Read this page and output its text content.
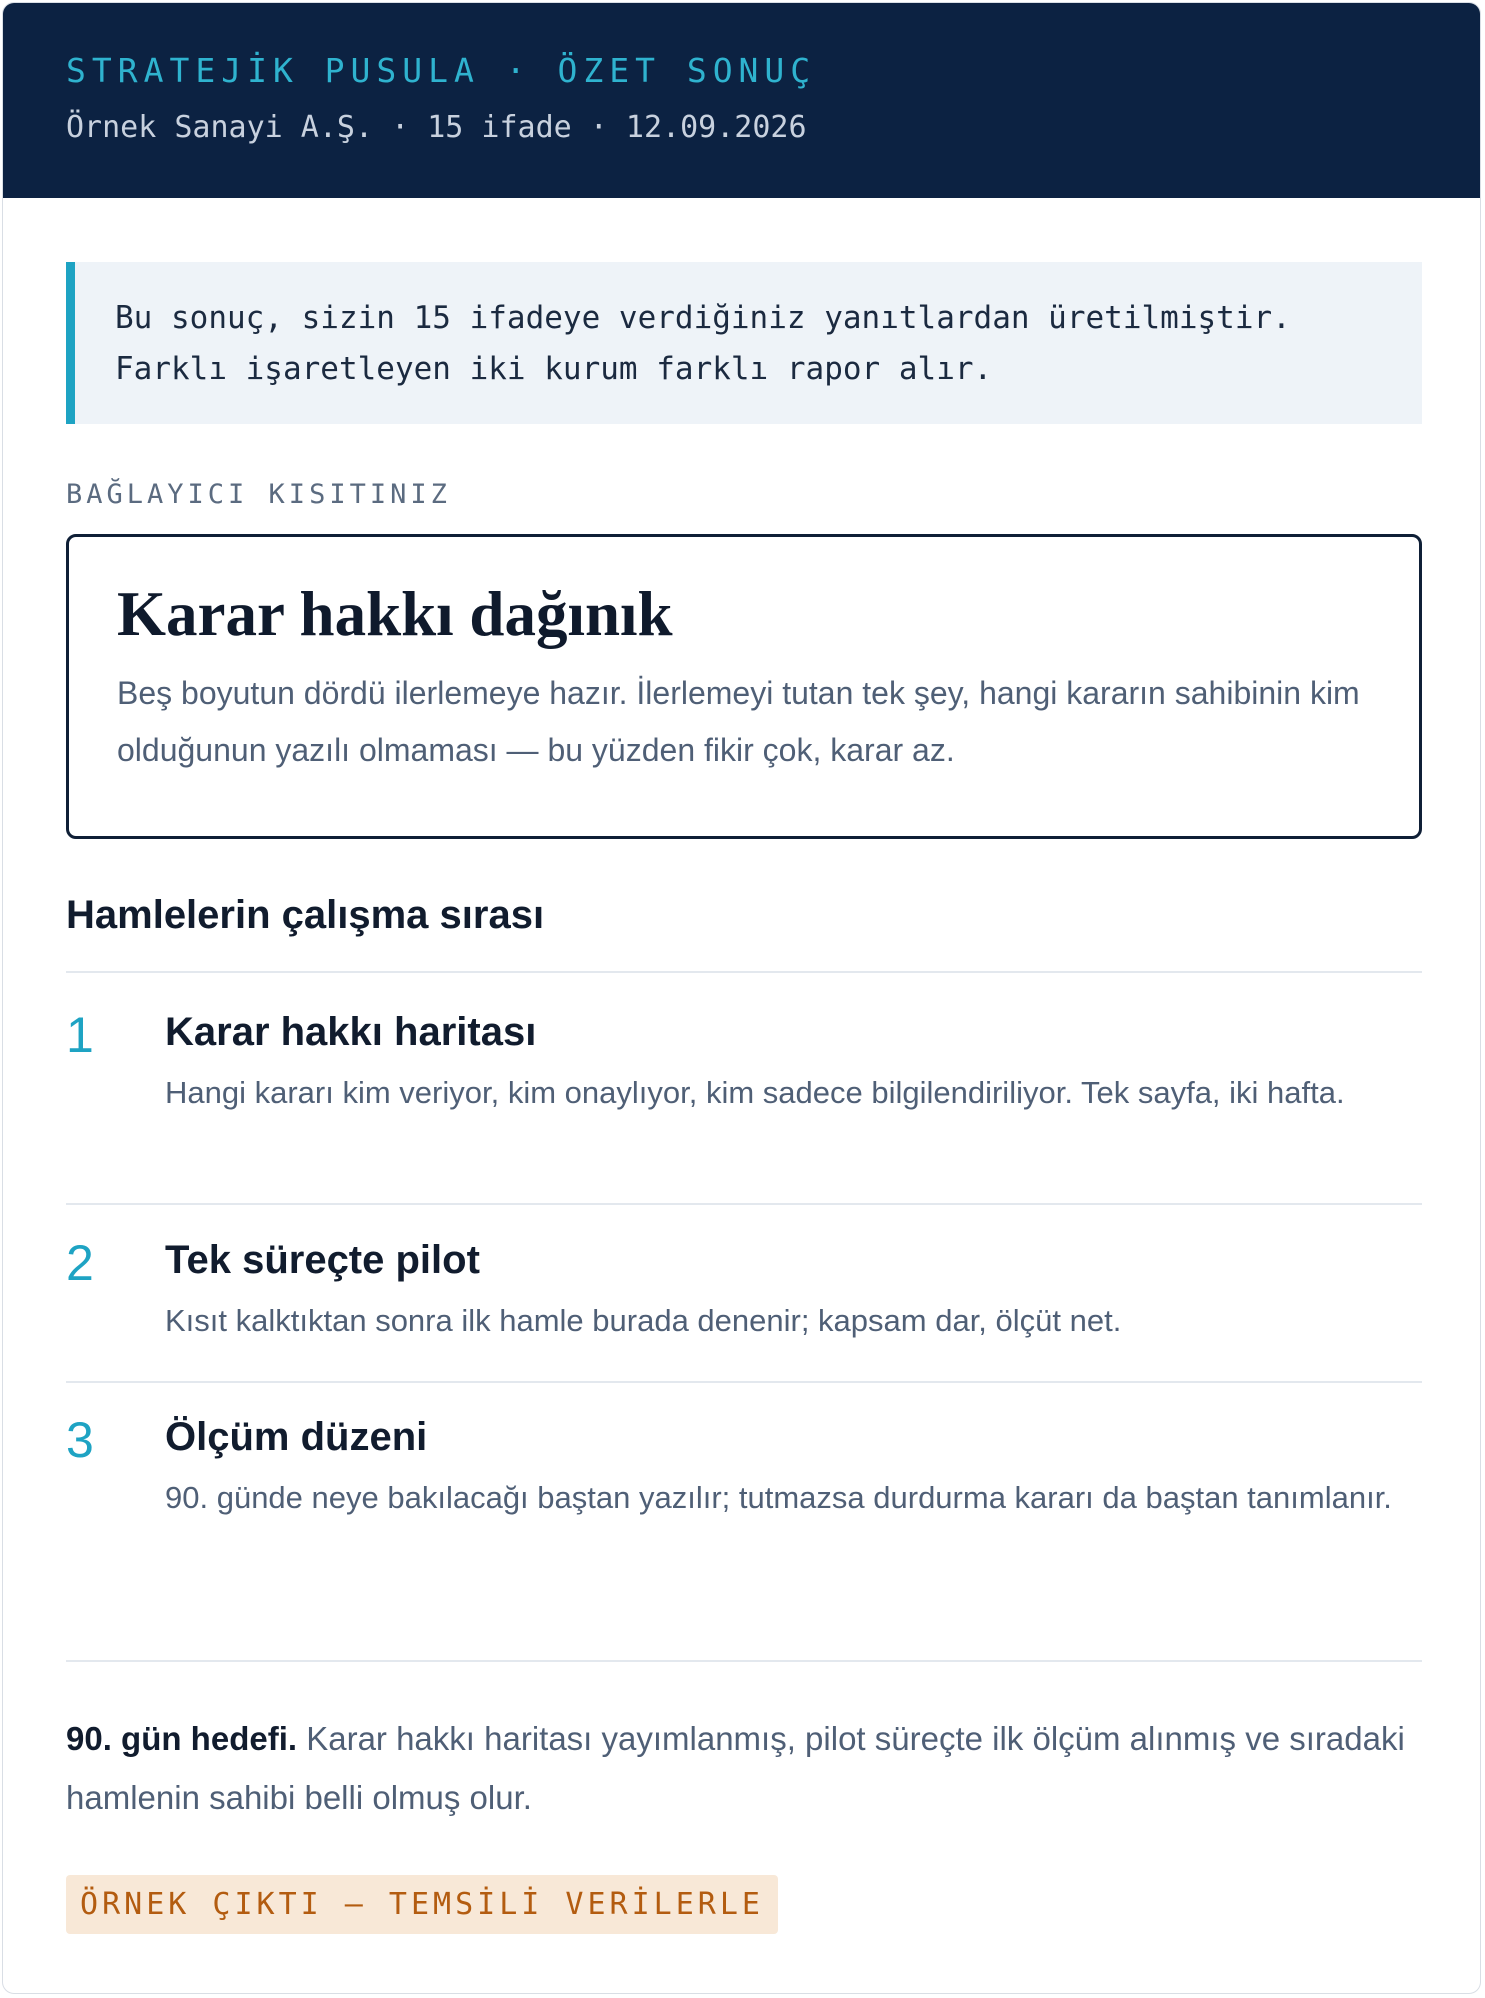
STRATEJİK PUSULA · ÖZET SONUÇ
Örnek Sanayi A.Ş. · 15 ifade · 12.09.2026
Bu sonuç, sizin 15 ifadeye verdiğiniz yanıtlardan üretilmiştir.
Farklı işaretleyen iki kurum farklı rapor alır.
BAĞLAYICI KISITINIZ
Karar hakkı dağınık

Beş boyutun dördü ilerlemeye hazır. İlerlemeyi tutan tek şey, hangi kararın sahibinin kim olduğunun yazılı olmaması — bu yüzden fikir çok, karar az.

Hamlelerin çalışma sırası
1 Karar hakkı haritası
Hangi kararı kim veriyor, kim onaylıyor, kim sadece bilgilendiriliyor. Tek sayfa, iki hafta.
2 Tek süreçte pilot
Kısıt kalktıktan sonra ilk hamle burada denenir; kapsam dar, ölçüt net.
3 Ölçüm düzeni
90. günde neye bakılacağı baştan yazılır; tutmazsa durdurma kararı da baştan tanımlanır.
90. gün hedefi. Karar hakkı haritası yayımlanmış, pilot süreçte ilk ölçüm alınmış ve sıradaki hamlenin sahibi belli olmuş olur.
ÖRNEK ÇIKTI — TEMSİLİ VERİLERLE
